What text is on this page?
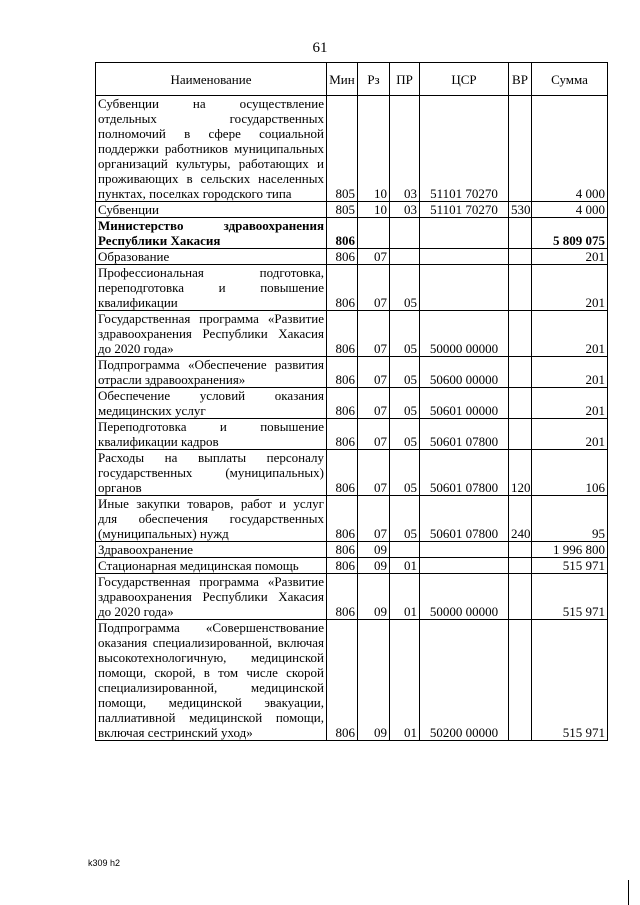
61
Наименование	Мин	Рз	ПР	ЦСР	ВР	Сумма
Субвенции на осуществление отдельных государственных полномочий в сфере социальной поддержки работников муниципальных организаций культуры, работающих и проживающих в сельских населенных пунктах, поселках городского типа	805	10	03	51101 70270		4 000
Субвенции	805	10	03	51101 70270	530	4 000
Министерство здравоохранения Республики Хакасия	806					5 809 075
Образование	806	07				201
Профессиональная подготовка, переподготовка и повышение квалификации	806	07	05			201
Государственная программа «Развитие здравоохранения Республики Хакасия до 2020 года»	806	07	05	50000 00000		201
Подпрограмма «Обеспечение развития отрасли здравоохранения»	806	07	05	50600 00000		201
Обеспечение условий оказания медицинских услуг	806	07	05	50601 00000		201
Переподготовка и повышение квалификации кадров	806	07	05	50601 07800		201
Расходы на выплаты персоналу государственных (муниципальных) органов	806	07	05	50601 07800	120	106
Иные закупки товаров, работ и услуг для обеспечения государственных (муниципальных) нужд	806	07	05	50601 07800	240	95
Здравоохранение	806	09				1 996 800
Стационарная медицинская помощь	806	09	01			515 971
Государственная программа «Развитие здравоохранения Республики Хакасия до 2020 года»	806	09	01	50000 00000		515 971
Подпрограмма «Совершенствование оказания специализированной, включая высокотехнологичную, медицинской помощи, скорой, в том числе скорой специализированной, медицинской помощи, медицинской эвакуации, паллиативной медицинской помощи, включая сестринский уход»	806	09	01	50200 00000		515 971
k309 h2
